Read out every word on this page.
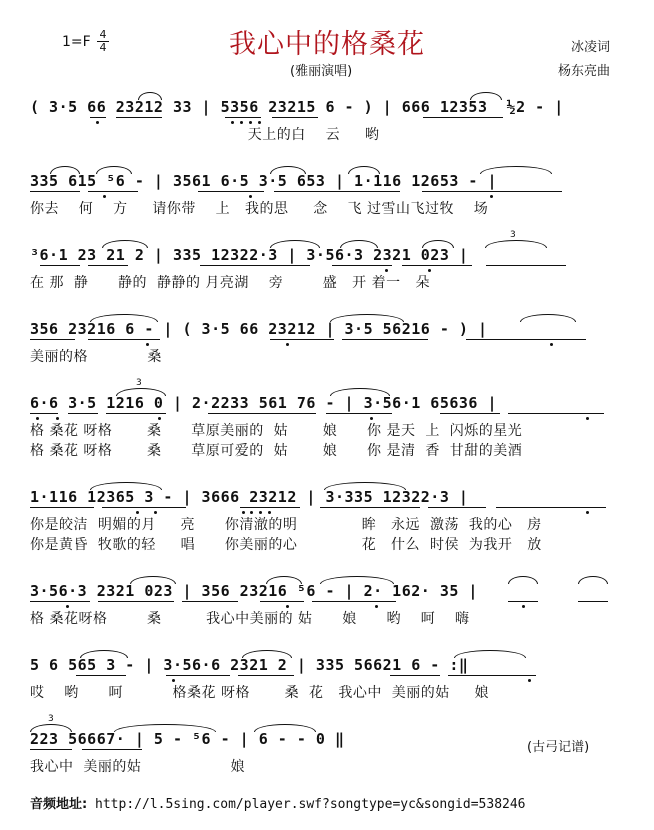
我心中的格桑花
1=F 4
4
(雅丽演唱)
冰凌词
杨东亮曲
( 3·5 66 23212 33 | 5356 23215 6 - ) | 666 12353  ½2 - |
天上的白    云     哟
335 615 ⁵6 - | 3561 6·5 3·5 653 | 1·116 12653 - |
你去    何    方     请你带    上   我的思     念    飞 过雪山飞过牧    场
³6·1 23 21 2 | 335 12322·3 | 3·56·3 2321 023 |
在 那  静      静的  静静的 月亮湖    旁        盛   开 着一   朵
3
356 23216 6 - | ( 3·5 66 23212 | 3·5 56216 - ) |
美丽的格            桑
6·6 3·5 1216 0 | 2·2233 561 76 - | 3·56·1 65636 |
格 桑花 呀格       桑      草原美丽的  姑       娘      你 是天  上  闪烁的星光
格 桑花 呀格       桑      草原可爱的  姑       娘      你 是清  香  甘甜的美酒
3
1·116 12365 3 - | 3666 23212 | 3·335 12322·3 |
你是皎洁  明媚的月     亮      你清澈的明             眸   永远  激荡  我的心   房
你是黄昏  牧歌的轻     唱      你美丽的心             花   什么  时侯  为我开   放
3·56·3 2321 023 | 356 23216 ⁵6 - | 2· 162· 35 |
格 桑花呀格        桑         我心中美丽的 姑      娘      哟    呵    嗨
5 6 565 3 - | 3·56·6 2321 2 | 335 56621 6 - :‖
哎    哟      呵          格桑花 呀格       桑  花   我心中  美丽的姑     娘
223 56667· | 5 - ⁵6 - | 6 - - 0 ‖
我心中  美丽的姑                  娘
3
(古弓记谱)
音频地址: http://l.5sing.com/player.swf?songtype=yc&songid=538246
